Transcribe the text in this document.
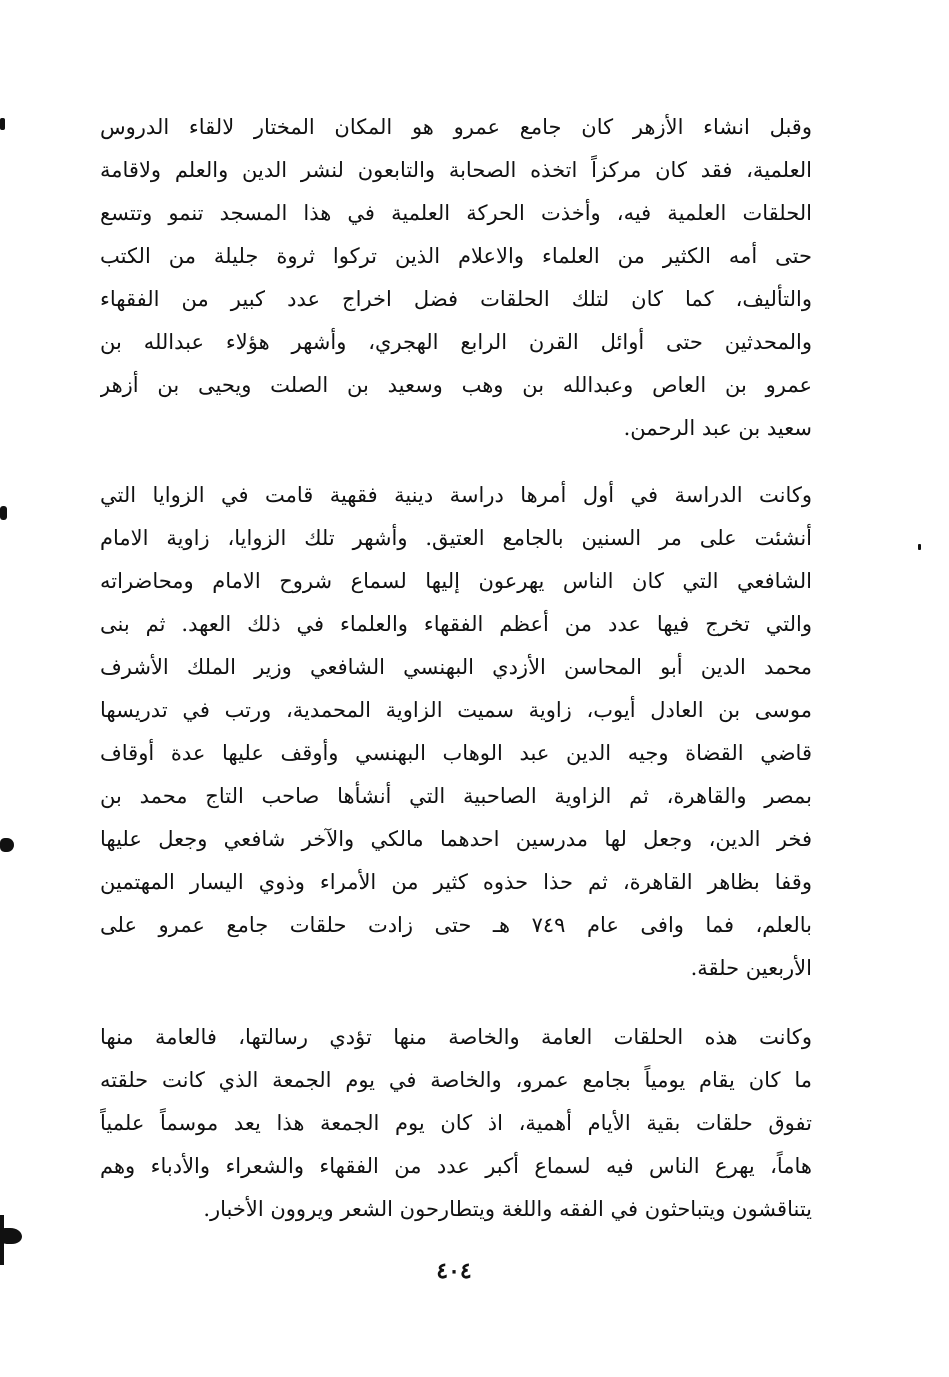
وقبل انشاء الأزهر كان جامع عمرو هو المكان المختار لالقاء الدروس
العلمية، فقد كان مركزاً اتخذه الصحابة والتابعون لنشر الدين والعلم ولاقامة
الحلقات العلمية فيه، وأخذت الحركة العلمية في هذا المسجد تنمو وتتسع
حتى أمه الكثير من العلماء والاعلام الذين تركوا ثروة جليلة من الكتب
والتأليف، كما كان لتلك الحلقات فضل اخراج عدد كبير من الفقهاء
والمحدثين حتى أوائل القرن الرابع الهجري، وأشهر هؤلاء عبدالله بن
عمرو بن العاص وعبدالله بن وهب وسعيد بن الصلت ويحيى بن أزهر
سعيد بن عبد الرحمن.
وكانت الدراسة في أول أمرها دراسة دينية فقهية قامت في الزوايا التي
أنشئت على مر السنين بالجامع العتيق. وأشهر تلك الزوايا، زاوية الامام
الشافعي التي كان الناس يهرعون إليها لسماع شروح الامام ومحاضراته
والتي تخرج فيها عدد من أعظم الفقهاء والعلماء في ذلك العهد. ثم بنى
محمد الدين أبو المحاسن الأزدي البهنسي الشافعي وزير الملك الأشرف
موسى بن العادل أيوب، زاوية سميت الزاوية المحمدية، ورتب في تدريسها
قاضي القضاة وجيه الدين عبد الوهاب البهنسي وأوقف عليها عدة أوقاف
بمصر والقاهرة، ثم الزاوية الصاحبية التي أنشأها صاحب التاج محمد بن
فخر الدين، وجعل لها مدرسين احدهما مالكي والآخر شافعي وجعل عليها
وقفا بظاهر القاهرة، ثم حذا حذوه كثير من الأمراء وذوي اليسار المهتمين
بالعلم، فما وافى عام ٧٤٩ هـ حتى زادت حلقات جامع عمرو على
الأربعين حلقة.
وكانت هذه الحلقات العامة والخاصة منها تؤدي رسالتها، فالعامة منها
ما كان يقام يومياً بجامع عمرو، والخاصة في يوم الجمعة الذي كانت حلقته
تفوق حلقات بقية الأيام أهمية، اذ كان يوم الجمعة هذا يعد موسماً علمياً
هاماً، يهرع الناس فيه لسماع أكبر عدد من الفقهاء والشعراء والأدباء وهم
يتناقشون ويتباحثون في الفقه واللغة ويتطارحون الشعر ويروون الأخبار.
٤٠٤
